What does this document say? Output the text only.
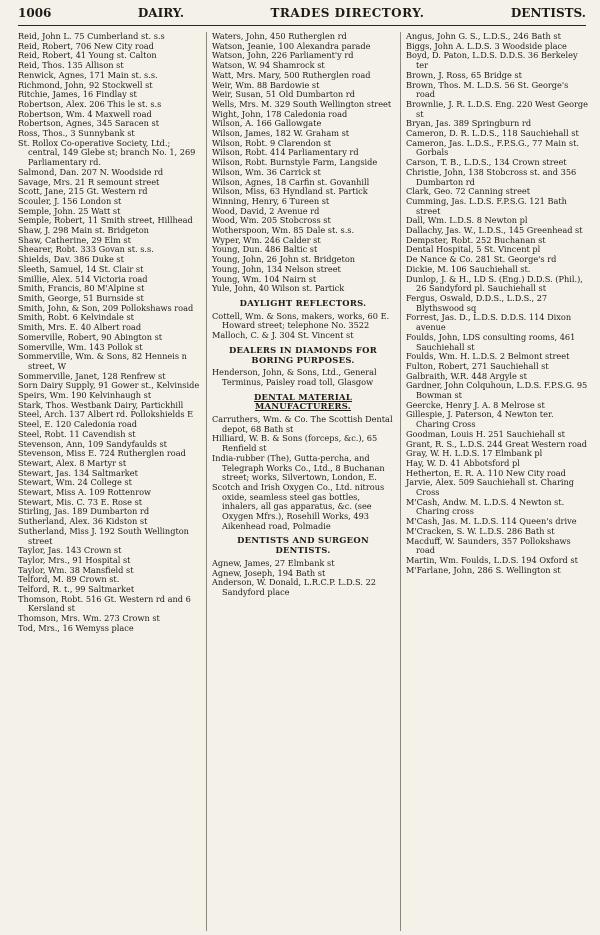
1006	DAIRY.	TRADES DIRECTORY.	DENTISTS.

Reid, John L. 75 Cumberland st. s.s

Reid, Robert, 706 New City road

Reid, Robert, 41 Young st. Calton

Reid, Thos. 135 Allison st

Renwick, Agnes, 171 Main st. s.s.

Richmond, John, 92 Stockwell st

Ritchie, James, 16 Findlay st

Robertson, Alex. 206 This le st. s.s

Robertson, Wm. 4 Maxwell road

Robertson, Agnes, 345 Saracen st

Ross, Thos., 3 Sunnybank st

St. Rollox Co-operative Society, Ltd.; central, 149 Glebe st; branch No. 1, 269 Parliamentary rd.

Salmond, Dan. 207 N. Woodside rd

Savage, Mrs. 21 R semount street

Scott, Jane, 215 Gt. Western rd

Scouler, J. 156 London st

Semple, John. 25 Watt st

Semple, Robert, 11 Smith street, Hillhead

Shaw, J. 298 Main st. Bridgeton

Shaw, Catherine, 29 Elm st

Shearer, Robt. 333 Govan st. s.s.

Shields, Dav. 386 Duke st

Sleeth, Samuel, 14 St. Clair st

Smillie, Alex. 514 Victoria road

Smith, Francis, 80 M'Alpine st

Smith, George, 51 Burnside st

Smith, John, & Son, 209 Pollokshaws road

Smith, Robt. 6 Kelvindale st

Smith, Mrs. E. 40 Albert road

Somerville, Robert, 90 Abington st

Somerville, Wm. 143 Pollok st

Sommerville, Wm. & Sons, 82 Henneis n street, W

Sommerville, Janet, 128 Renfrew st

Sorn Dairy Supply, 91 Gower st., Kelvinside

Speirs, Wm. 190 Kelvinhaugh st

Stark, Thos. Westbank Dairy, Partickhill

Steel, Arch. 137 Albert rd. Pollokshields E

Steel, E. 120 Caledonia road

Steel, Robt. 11 Cavendish st

Stevenson, Ann, 109 Sandyfaulds st

Stevenson, Miss E. 724 Rutherglen road

Stewart, Alex. 8 Martyr st

Stewart, Jas. 134 Saltmarket

Stewart, Wm. 24 College st

Stewart, Miss A. 109 Rottenrow

Stewart, Mis. C. 73 E. Rose st

Stirling, Jas. 189 Dumbarton rd

Sutherland, Alex. 36 Kidston st

Sutherland, Miss J. 192 South Wellington street

Taylor, Jas. 143 Crown st

Taylor, Mrs., 91 Hospital st

Taylor, Wm. 38 Mansfield st

Telford, M. 89 Crown st.

Telford, R. t., 99 Saltmarket

Thomson, Robt. 516 Gt. Western rd and 6 Kersland st

Thomson, Mrs. Wm. 273 Crown st

Tod, Mrs., 16 Wemyss place

Waters, John, 450 Rutherglen rd

Watson, Jeanie, 100 Alexandra parade

Watson, John, 226 Parliament'y rd

Watson, W. 94 Shamrock st

Watt, Mrs. Mary, 500 Rutherglen road

Weir, Wm. 88 Bardowie st

Weir, Susan, 51 Old Dumbarton rd

Wells, Mrs. M. 329 South Wellington street

Wight, John, 178 Caledonia road

Wilson, A. 166 Gallowgate

Wilson, James, 182 W. Graham st

Wilson, Robt. 9 Clarendon st

Wilson, Robt. 414 Parliamentary rd

Wilson, Robt. Burnstyle Farm, Langside

Wilson, Wm. 36 Carrick st

Wilson, Agnes, 18 Carfin st. Govanhill

Wilson, Miss, 63 Hyndland st. Partick

Winning, Henry, 6 Tureen st

Wood, David, 2 Avenue rd

Wood, Wm. 205 Stobcross st

Wotherspoon, Wm. 85 Dale st. s.s.

Wyper, Wm. 246 Calder st

Young, Dun. 486 Baltic st

Young, John, 26 John st. Bridgeton

Young, John, 134 Nelson street

Young, Wm. 104 Nairn st

Yule, John, 40 Wilson st. Partick

DAYLIGHT REFLECTORS.

Cottell, Wm. & Sons, makers, works, 60 E. Howard street; telephone No. 3522

Malloch, C. & J. 304 St. Vincent st

DEALERS IN DIAMONDS FOR BORING PURPOSES.

Henderson, John, & Sons, Ltd., General Terminus, Paisley road toll, Glasgow

DENTAL MATERIAL MANUFACTURERS.

Carruthers, Wm. & Co. The Scottish Dental depot, 68 Bath st

Hilliard, W. B. & Sons (forceps, &c.), 65 Renfield st

India-rubber (The), Gutta-percha, and Telegraph Works Co., Ltd., 8 Buchanan street; works, Silvertown, London, E.

Scotch and Irish Oxygen Co., Ltd. nitrous oxide, seamless steel gas bottles, inhalers, all gas apparatus, &c. (see Oxygen Mfrs.), Rosehill Works, 493 Aikenhead road, Polmadie

DENTISTS AND SURGEON DENTISTS.

Agnew, James, 27 Elmbank st

Agnew, Joseph, 194 Bath st

Anderson, W. Donald, L.R.C.P. L.D.S. 22 Sandyford place

Angus, John G. S., L.D.S., 246 Bath st

Biggs, John A. L.D.S. 3 Woodside place

Boyd, D. Paton, L.D.S. D.D.S. 36 Berkeley ter

Brown, J. Ross, 65 Bridge st

Brown, Thos. M. L.D.S. 56 St. George's road

Brownlie, J. R. L.D.S. Eng. 220 West George st

Bryan, Jas. 389 Springburn rd

Cameron, D. R. L.D.S., 118 Sauchiehall st

Cameron, Jas. L.D.S., F.P.S.G., 77 Main st. Gorbals

Carson, T. B., L.D.S., 134 Crown street

Christie, John, 138 Stobcross st. and 356 Dumbarton rd

Clark, Geo. 72 Canning street

Cumming, Jas. L.D.S. F.P.S.G. 121 Bath street

Dall, Wm. L.D.S. 8 Newton pl

Dallachy, Jas. W., L.D.S., 145 Greenhead st

Dempster, Robt. 252 Buchanan st

Dental Hospital, 5 St. Vincent pl

De Nance & Co. 281 St. George's rd

Dickie, M. 106 Sauchiehall st.

Dunlop, J. & H., LD S. (Eng.) D.D.S. (Phil.), 26 Sandyford pl. Sauchiehall st

Fergus, Oswald, D.D.S., L.D.S., 27 Blythswood sq

Forrest, Jas. D., L.D.S. D.D.S. 114 Dixon avenue

Foulds, John, LDS consulting rooms, 461 Sauchiehall st

Foulds, Wm. H. L.D.S. 2 Belmont street

Fulton, Robert, 271 Sauchiehall st

Galbraith, W.R. 448 Argyle st

Gardner, John Colquhoun, L.D.S. F.P.S.G. 95 Bowman st

Geercke, Henry J. A. 8 Melrose st

Gillespie, J. Paterson, 4 Newton ter. Charing Cross

Goodman, Louis H. 251 Sauchiehall st

Grant, R. S., L.D.S. 244 Great Western road

Gray, W. H. L.D.S. 17 Elmbank pl

Hay, W. D. 41 Abbotsford pl

Hetherton, E. R. A. 110 New City road

Jarvie, Alex. 509 Sauchiehall st. Charing Cross

M'Cash, Andw. M. L.D.S. 4 Newton st. Charing cross

M'Cash, Jas. M. L.D.S. 114 Queen's drive

M'Cracken, S. W. L.D.S. 286 Bath st

Macduff, W. Saunders, 357 Pollokshaws road

Martin, Wm. Foulds, L.D.S. 194 Oxford st

M'Farlane, John, 286 S. Wellington st
